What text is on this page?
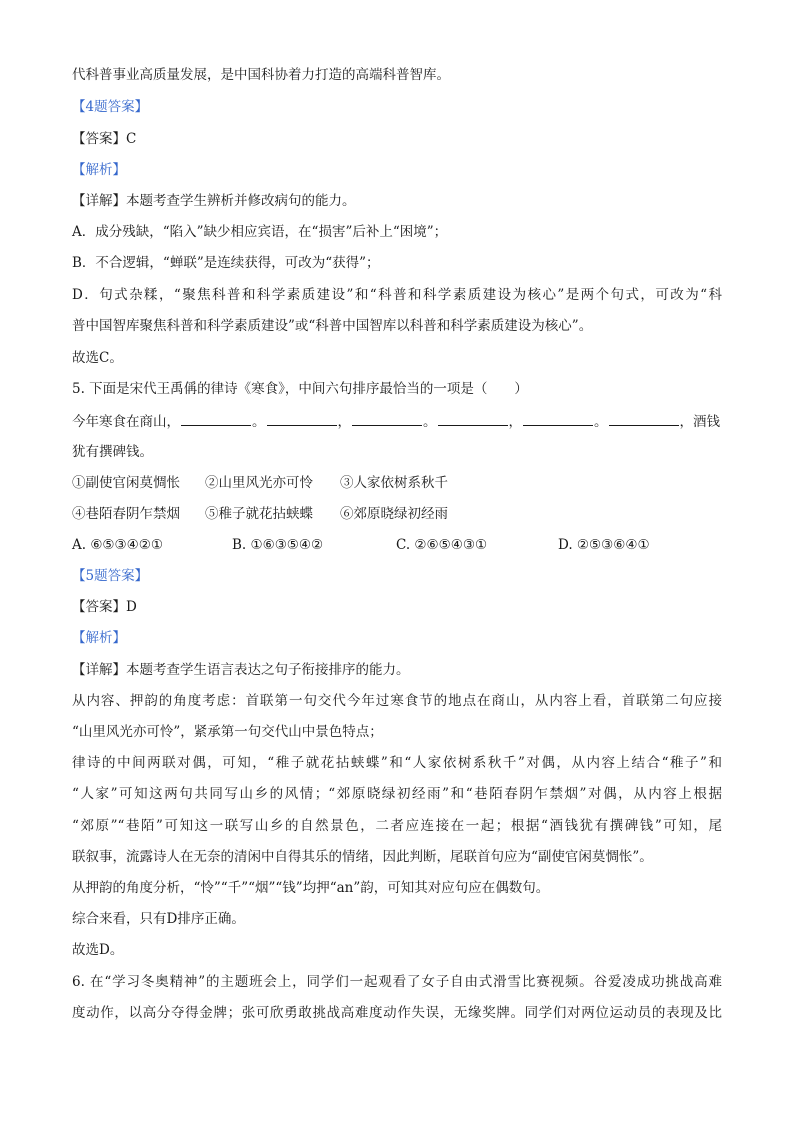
代科普事业高质量发展，是中国科协着力打造的高端科普智库。
【4题答案】
【答案】C
【解析】
【详解】本题考查学生辨析并修改病句的能力。
A．成分残缺，“陷入”缺少相应宾语，在“损害”后补上“困境”；
B．不合逻辑，“蝉联”是连续获得，可改为“获得”；
D．句式杂糅，“聚焦科普和科学素质建设”和“科普和科学素质建设为核心”是两个句式，可改为“科
普中国智库聚焦科普和科学素质建设”或“科普中国智库以科普和科学素质建设为核心”。
故选C。
5. 下面是宋代王禹偁的律诗《寒食》，中间六句排序最恰当的一项是（　　）
今年寒食在商山，	。	，	。	，	。	，酒钱
犹有撰碑钱。
①副使官闲莫惆怅 ②山里风光亦可怜 ③人家依树系秋千
④巷陌春阴乍禁烟 ⑤稚子就花拈蛱蝶 ⑥郊原晓绿初经雨
A. ⑥⑤③④②①	B. ①⑥③⑤④②	C. ②⑥⑤④③①	D. ②⑤③⑥④①
【5题答案】
【答案】D
【解析】
【详解】本题考查学生语言表达之句子衔接排序的能力。
从内容、押韵的角度考虑：首联第一句交代今年过寒食节的地点在商山，从内容上看，首联第二句应接
“山里风光亦可怜”，紧承第一句交代山中景色特点；
律诗的中间两联对偶，可知，“稚子就花拈蛱蝶”和“人家依树系秋千”对偶，从内容上结合“稚子”和
“人家”可知这两句共同写山乡的风情；“郊原晓绿初经雨”和“巷陌春阴乍禁烟”对偶，从内容上根据
“郊原”“巷陌”可知这一联写山乡的自然景色，二者应连接在一起；根据“酒钱犹有撰碑钱”可知，尾
联叙事，流露诗人在无奈的清闲中自得其乐的情绪，因此判断，尾联首句应为“副使官闲莫惆怅”。
从押韵的角度分析，“怜”“千”“烟”“钱”均押“an”韵，可知其对应句应在偶数句。
综合来看，只有D排序正确。
故选D。
6. 在“学习冬奥精神”的主题班会上，同学们一起观看了女子自由式滑雪比赛视频。谷爱凌成功挑战高难
度动作，以高分夺得金牌；张可欣勇敢挑战高难度动作失误，无缘奖牌。同学们对两位运动员的表现及比
